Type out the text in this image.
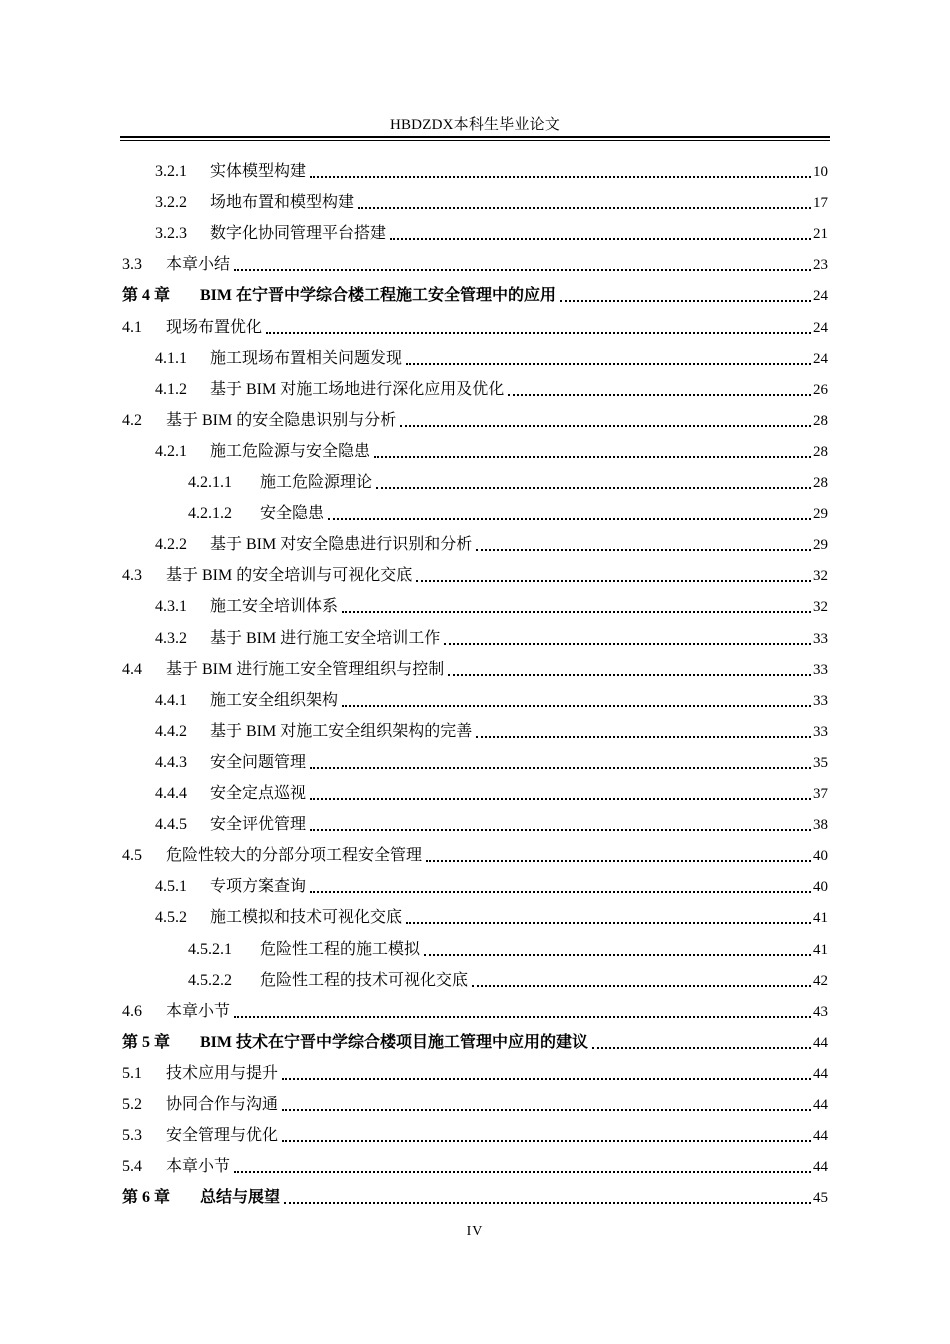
HBDZDX本科生毕业论文
3.2.1	实体模型构建	10
3.2.2	场地布置和模型构建	17
3.2.3	数字化协同管理平台搭建	21
3.3	本章小结	23
第 4 章	BIM 在宁晋中学综合楼工程施工安全管理中的应用	24
4.1	现场布置优化	24
4.1.1	施工现场布置相关问题发现	24
4.1.2	基于 BIM 对施工场地进行深化应用及优化	26
4.2	基于 BIM 的安全隐患识别与分析	28
4.2.1	施工危险源与安全隐患	28
4.2.1.1	施工危险源理论	28
4.2.1.2	安全隐患	29
4.2.2	基于 BIM 对安全隐患进行识别和分析	29
4.3	基于 BIM 的安全培训与可视化交底	32
4.3.1	施工安全培训体系	32
4.3.2	基于 BIM 进行施工安全培训工作	33
4.4	基于 BIM 进行施工安全管理组织与控制	33
4.4.1	施工安全组织架构	33
4.4.2	基于 BIM 对施工安全组织架构的完善	33
4.4.3	安全问题管理	35
4.4.4	安全定点巡视	37
4.4.5	安全评优管理	38
4.5	危险性较大的分部分项工程安全管理	40
4.5.1	专项方案查询	40
4.5.2	施工模拟和技术可视化交底	41
4.5.2.1	危险性工程的施工模拟	41
4.5.2.2	危险性工程的技术可视化交底	42
4.6	本章小节	43
第 5 章	BIM 技术在宁晋中学综合楼项目施工管理中应用的建议	44
5.1	技术应用与提升	44
5.2	协同合作与沟通	44
5.3	安全管理与优化	44
5.4	本章小节	44
第 6 章	总结与展望	45
IV
